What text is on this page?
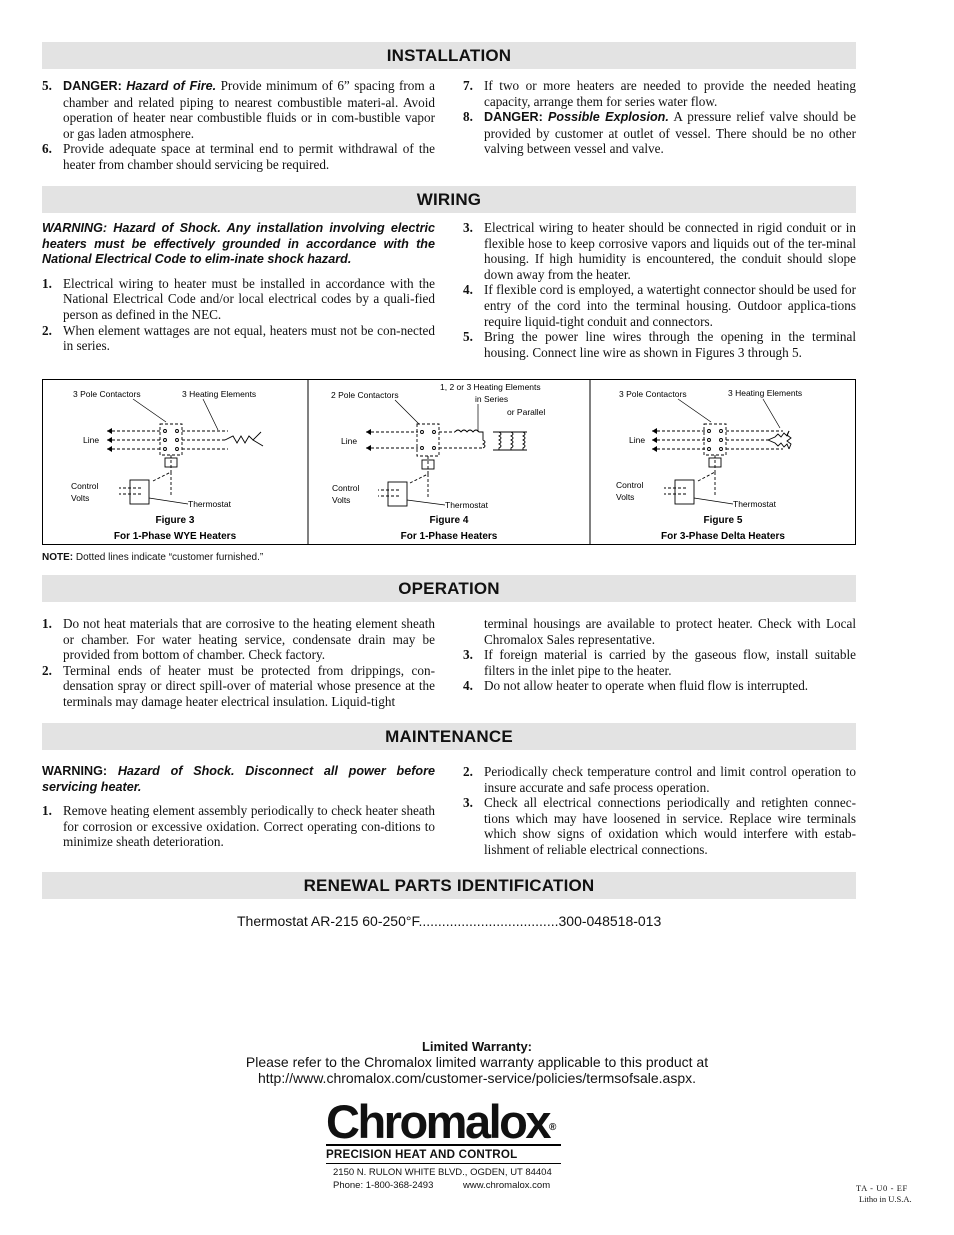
INSTALLATION
5. DANGER: Hazard of Fire. Provide minimum of 6” spacing from a chamber and related piping to nearest combustible materi-al. Avoid operation of heater near combustible fluids or in com-bustible vapor or gas laden atmosphere.
6. Provide adequate space at terminal end to permit withdrawal of the heater from chamber should servicing be required.
7. If two or more heaters are needed to provide the needed heating capacity, arrange them for series water flow.
8. DANGER: Possible Explosion. A pressure relief valve should be provided by customer at outlet of vessel. There should be no other valving between vessel and valve.
WIRING
WARNING: Hazard of Shock. Any installation involving electric heaters must be effectively grounded in accordance with the National Electrical Code to elim-inate shock hazard.
1. Electrical wiring to heater must be installed in accordance with the National Electrical Code and/or local electrical codes by a quali-fied person as defined in the NEC.
2. When element wattages are not equal, heaters must not be con-nected in series.
3. Electrical wiring to heater should be connected in rigid conduit or in flexible hose to keep corrosive vapors and liquids out of the ter-minal housing. If high humidity is encountered, the conduit should slope down away from the heater.
4. If flexible cord is employed, a watertight connector should be used for entry of the cord into the terminal housing. Outdoor applica-tions require liquid-tight conduit and connectors.
5. Bring the power line wires through the opening in the terminal housing. Connect line wire as shown in Figures 3 through 5.
3 Pole Contactors	3 Heating Elements
Line
Control
Volts
Thermostat
Figure 3
For 1-Phase WYE Heaters
2 Pole Contactors
1, 2 or 3 Heating Elements
in Series
or Parallel
Line
Control
Volts	Thermostat
Figure 4
For 1-Phase Heaters
3 Pole Contactors	3 Heating Elements
Line
Control
Volts
Thermostat
Figure 5
For 3-Phase Delta Heaters
NOTE: Dotted lines indicate “customer furnished.”
OPERATION
1. Do not heat materials that are corrosive to the heating element sheath or chamber. For water heating service, condensate drain may be provided from bottom of chamber. Check factory.
2. Terminal ends of heater must be protected from drippings, con-densation spray or direct spill-over of material whose presence at the terminals may damage heater electrical insulation. Liquid-tight
terminal housings are available to protect heater. Check with Local Chromalox Sales representative.
3. If foreign material is carried by the gaseous flow, install suitable filters in the inlet pipe to the heater.
4. Do not allow heater to operate when fluid flow is interrupted.
MAINTENANCE
WARNING: Hazard of Shock. Disconnect all power before servicing heater.
1. Remove heating element assembly periodically to check heater sheath for corrosion or excessive oxidation. Correct operating con-ditions to minimize sheath deterioration.
2. Periodically check temperature control and limit control operation to insure accurate and safe process operation.
3. Check all electrical connections periodically and retighten connec-tions which may have loosened in service. Replace wire terminals which show signs of oxidation which would interfere with estab-lishment of reliable electrical connections.
RENEWAL PARTS IDENTIFICATION
Thermostat AR-215 60-250°F....................................300-048518-013
Limited Warranty:
Please refer to the Chromalox limited warranty applicable to this product at
http://www.chromalox.com/customer-service/policies/termsofsale.aspx.
Chromalox®
PRECISION HEAT AND CONTROL
2150 N. RULON WHITE BLVD., OGDEN, UT 84404
Phone: 1-800-368-2493	www.chromalox.com	TA - U0 - EF
Litho in U.S.A.
